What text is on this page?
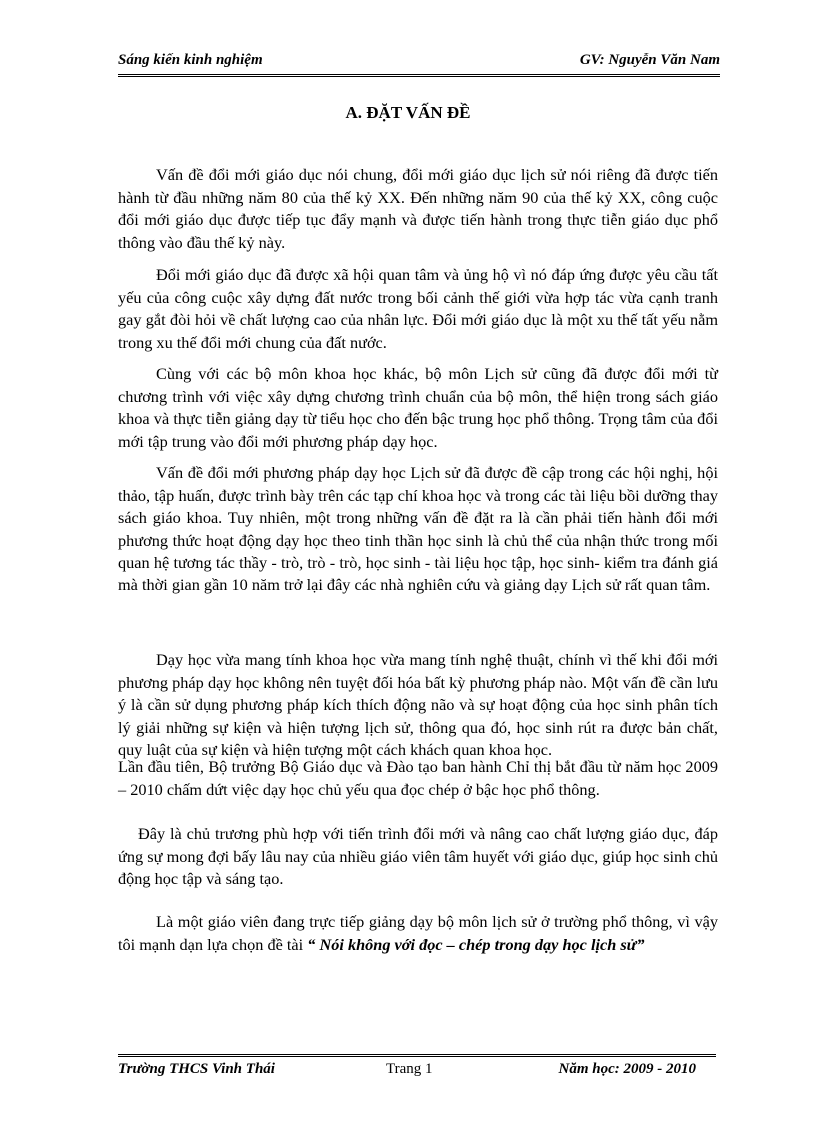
Sáng kiến kinh nghiệm	GV: Nguyễn Văn Nam
A. ĐẶT VẤN ĐỀ

Vấn đề đổi mới giáo dục nói chung, đổi mới giáo dục lịch sử nói riêng đã được tiến hành từ đầu những năm 80 của thế kỷ XX. Đến những năm 90 của thế kỷ XX, công cuộc đổi mới giáo dục được tiếp tục đẩy mạnh và được tiến hành trong thực tiễn giáo dục phổ thông vào đầu thế kỷ này.

Đổi mới giáo dục đã được xã hội quan tâm và ủng hộ vì nó đáp ứng được yêu cầu tất yếu của công cuộc xây dựng đất nước trong bối cảnh thế giới vừa hợp tác vừa cạnh tranh gay gắt đòi hỏi về chất lượng cao của nhân lực. Đổi mới giáo dục là một xu thế tất yếu nằm trong xu thế đổi mới chung của đất nước.

Cùng với các bộ môn khoa học khác, bộ môn Lịch sử cũng đã được đổi mới từ chương trình với việc xây dựng chương trình chuẩn của bộ môn, thể hiện trong sách giáo khoa và thực tiễn giảng dạy từ tiểu học cho đến bậc trung học phổ thông. Trọng tâm của đổi mới tập trung vào đổi mới phương pháp dạy học.

Vấn đề đổi mới phương pháp dạy học Lịch sử đã được đề cập trong các hội nghị, hội thảo, tập huấn, được trình bày trên các tạp chí khoa học và trong các tài liệu bồi dưỡng thay sách giáo khoa. Tuy nhiên, một trong những vấn đề đặt ra là cần phải tiến hành đổi mới phương thức hoạt động dạy học theo tinh thần học sinh là chủ thể của nhận thức trong mối quan hệ tương tác thầy - trò, trò - trò, học sinh - tài liệu học tập, học sinh- kiểm tra đánh giá mà thời gian gần 10 năm trở lại đây các nhà nghiên cứu và giảng dạy Lịch sử rất quan tâm.

Dạy học vừa mang tính khoa học vừa mang tính nghệ thuật, chính vì thế khi đổi mới phương pháp dạy học không nên tuyệt đối hóa bất kỳ phương pháp nào. Một vấn đề cần lưu ý là cần sử dụng phương pháp kích thích động não và sự hoạt động của học sinh phân tích lý giải những sự kiện và hiện tượng lịch sử, thông qua đó, học sinh rút ra được bản chất, quy luật của sự kiện và hiện tượng một cách khách quan khoa học.

Lần đầu tiên, Bộ trưởng Bộ Giáo dục và Đào tạo ban hành Chỉ thị bắt đầu từ năm học 2009 – 2010 chấm dứt việc dạy học chủ yếu qua đọc chép ở bậc học phổ thông.

Đây là chủ trương phù hợp với tiến trình đổi mới và nâng cao chất lượng giáo dục, đáp ứng sự mong đợi bấy lâu nay của nhiều giáo viên tâm huyết với giáo dục, giúp học sinh chủ động học tập và sáng tạo.

Là một giáo viên đang trực tiếp giảng dạy bộ môn lịch sử ở trường phổ thông, vì vậy tôi mạnh dạn lựa chọn đề tài “ Nói không với đọc – chép trong dạy học lịch sử”

Trường THCS Vinh Thái	Trang 1	Năm học: 2009 - 2010
